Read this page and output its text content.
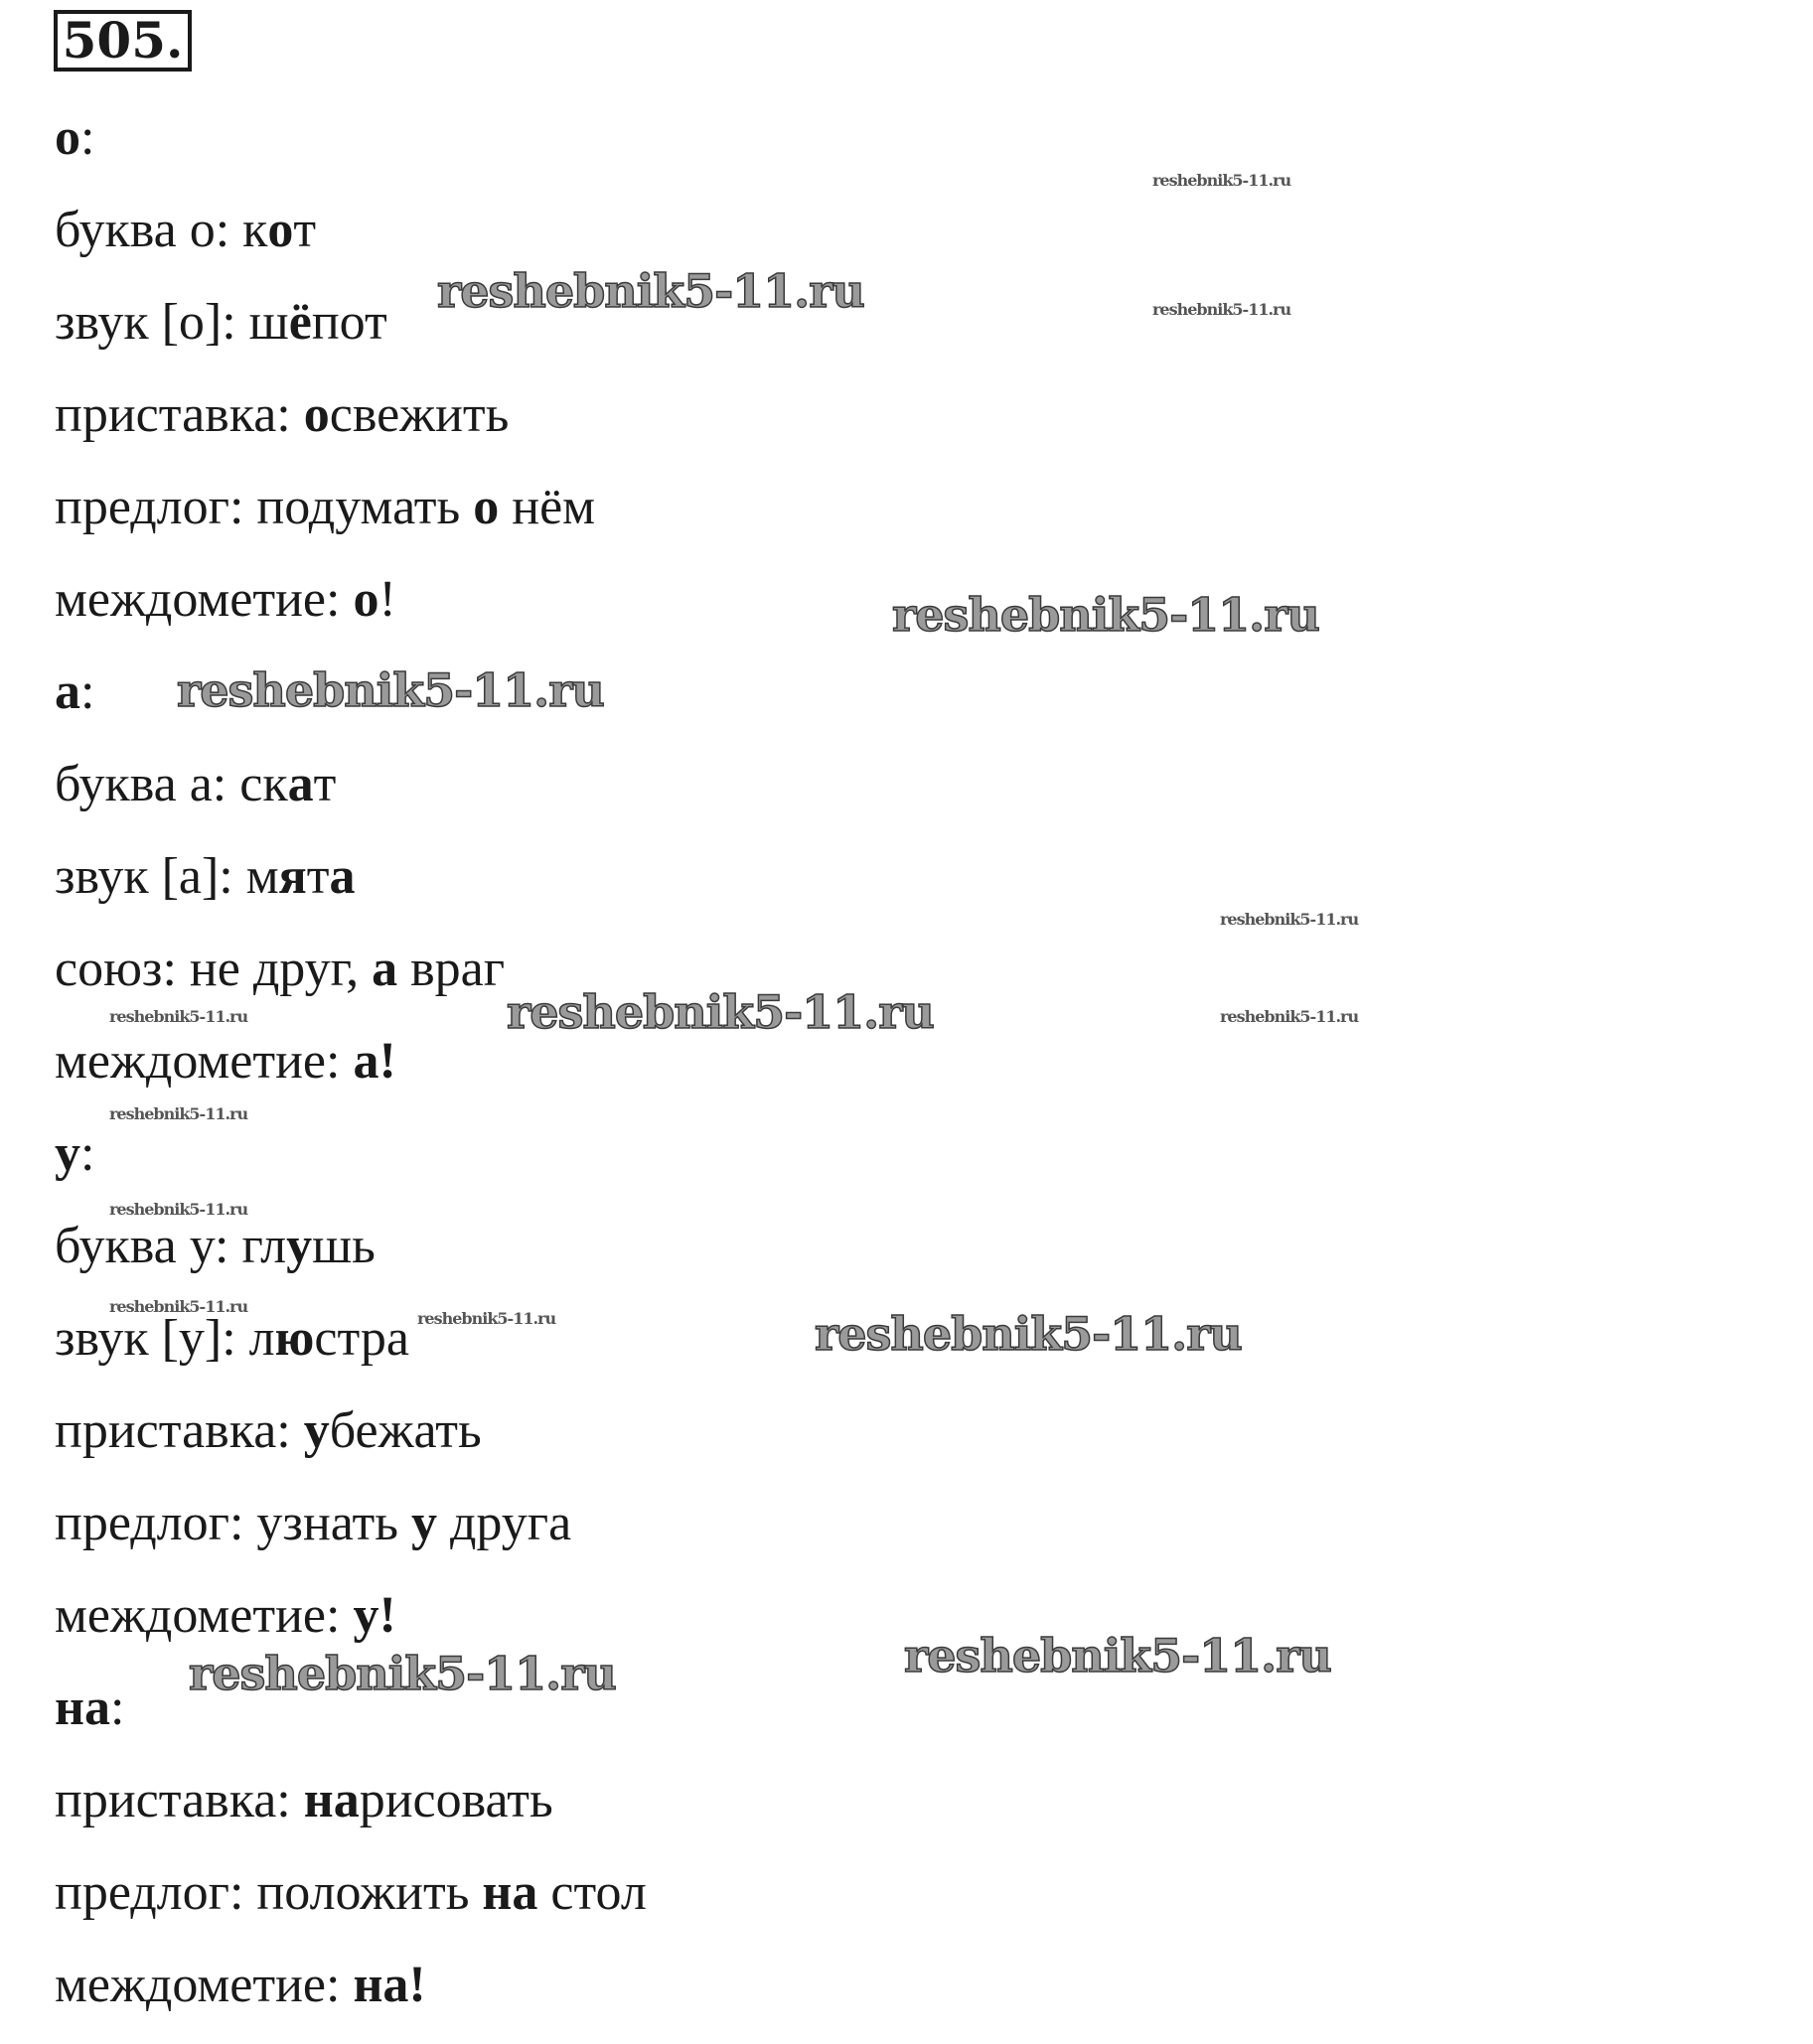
505.
о:
буква о: кот
звук [о]: шёпот
приставка: освежить
предлог: подумать о нём
междометие: о!
а:
буква а: скат
звук [а]: мята
союз: не друг, а враг
междометие: а!
у:
буква у: глушь
звук [у]: люстра
приставка: убежать
предлог: узнать у друга
междометие: у!
на:
приставка: нарисовать
предлог: положить на стол
междометие: на!
reshebnik5-11.ru
reshebnik5-11.ru
reshebnik5-11.ru
reshebnik5-11.ru
reshebnik5-11.ru
reshebnik5-11.ru
reshebnik5-11.ru	reshebnik5-11.ru
reshebnik5-11.ru
reshebnik5-11.ru
reshebnik5-11.ru
reshebnik5-11.ru
reshebnik5-11.ru	reshebnik5-11.ru
reshebnik5-11.ru
reshebnik5-11.ru
